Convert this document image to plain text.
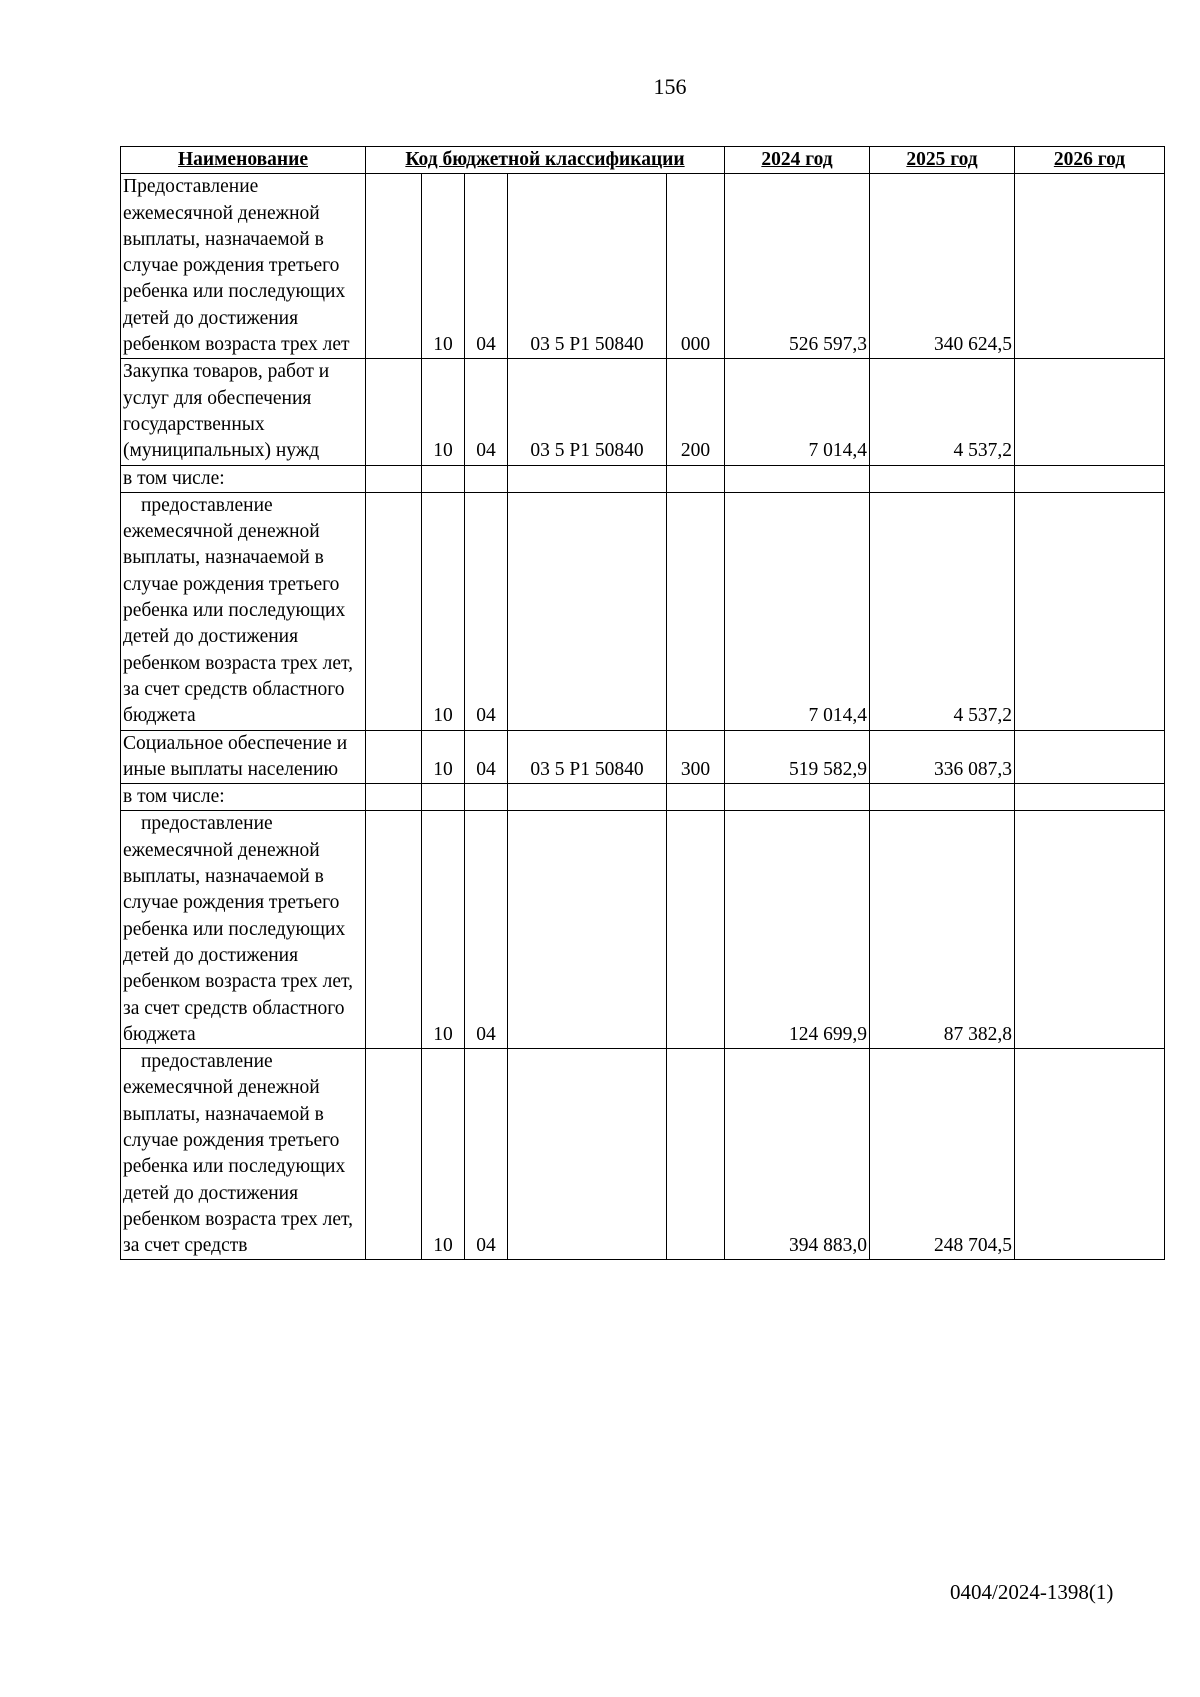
156
Наименование	Код бюджетной классификации					2024 год	2025 год	2026 год
Предоставление ежемесячной денежной выплаты, назначаемой в случае рождения третьего ребенка или последующих детей до достижения ребенком возраста трех лет		10	04	03 5 Р1 50840	000	526 597,3	340 624,5	
Закупка товаров, работ и услуг для обеспечения государственных (муниципальных) нужд		10	04	03 5 Р1 50840	200	7 014,4	4 537,2	
в том числе:								
предоставление ежемесячной денежной выплаты, назначаемой в случае рождения третьего ребенка или последующих детей до достижения ребенком возраста трех лет, за счет средств областного бюджета		10	04			7 014,4	4 537,2	
Социальное обеспечение и иные выплаты населению		10	04	03 5 Р1 50840	300	519 582,9	336 087,3	
в том числе:								
предоставление ежемесячной денежной выплаты, назначаемой в случае рождения третьего ребенка или последующих детей до достижения ребенком возраста трех лет, за счет средств областного бюджета		10	04			124 699,9	87 382,8	
предоставление ежемесячной денежной выплаты, назначаемой в случае рождения третьего ребенка или последующих детей до достижения ребенком возраста трех лет, за счет средств		10	04			394 883,0	248 704,5	
0404/2024-1398(1)
